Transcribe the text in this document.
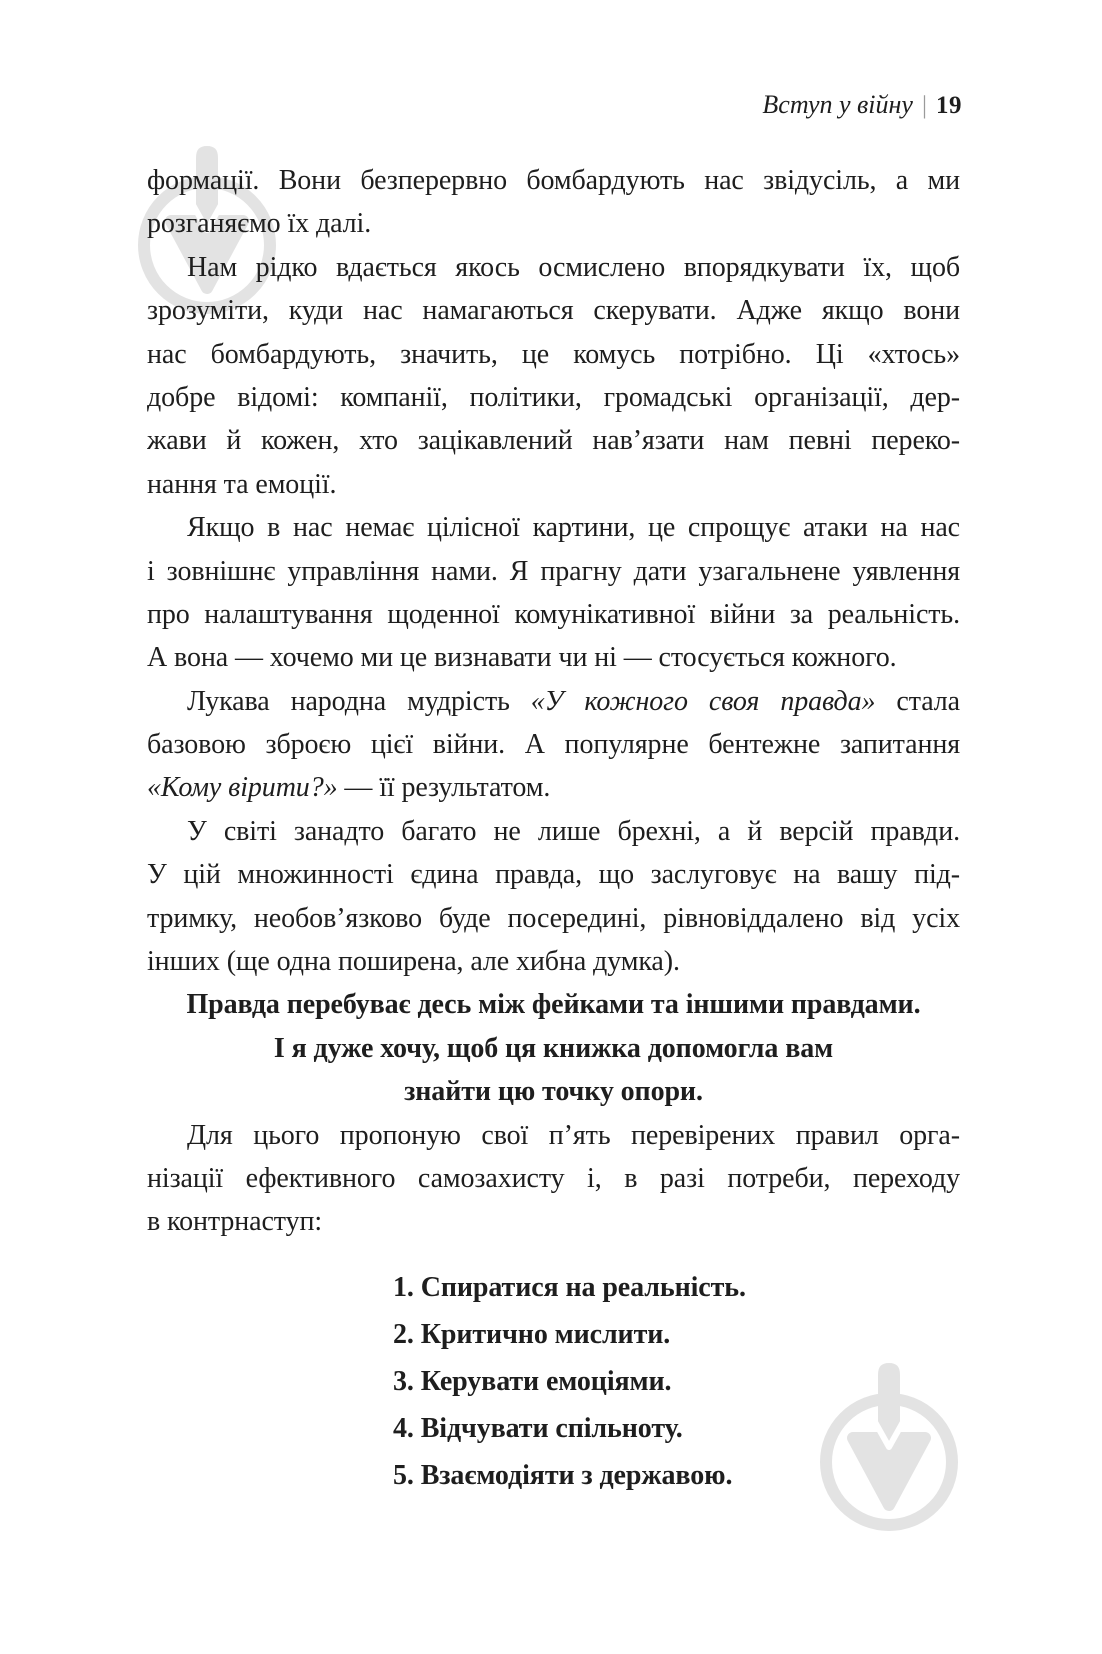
Вступ у війну | 19
формації. Вони безперервно бомбардують нас звідусіль, а ми
розганяємо їх далі.
Нам рідко вдається якось осмислено впорядкувати їх, щоб
зрозуміти, куди нас намагаються скерувати. Адже якщо вони
нас бомбардують, значить, це комусь потрібно. Ці «хтось»
добре відомі: компанії, політики, громадські організації, дер-
жави й кожен, хто зацікавлений нав’язати нам певні переко-
нання та емоції.
Якщо в нас немає цілісної картини, це спрощує атаки на нас
і зовнішнє управління нами. Я прагну дати узагальнене уявлення
про налаштування щоденної комунікативної війни за реальність.
А вона — хочемо ми це визнавати чи ні — стосується кожного.
Лукава народна мудрість «У кожного своя правда» стала
базовою зброєю цієї війни. А популярне бентежне запитання
«Кому вірити?» — її результатом.
У світі занадто багато не лише брехні, а й версій правди.
У цій множинності єдина правда, що заслуговує на вашу під-
тримку, необов’язково буде посередині, рівновіддалено від усіх
інших (ще одна поширена, але хибна думка).
Правда перебуває десь між фейками та іншими правдами.
І я дуже хочу, щоб ця книжка допомогла вам
знайти цю точку опори.
Для цього пропоную свої п’ять перевірених правил орга-
нізації ефективного самозахисту і, в разі потреби, переходу
в контрнаступ:
1. Спиратися на реальність.
2. Критично мислити.
3. Керувати емоціями.
4. Відчувати спільноту.
5. Взаємодіяти з державою.
